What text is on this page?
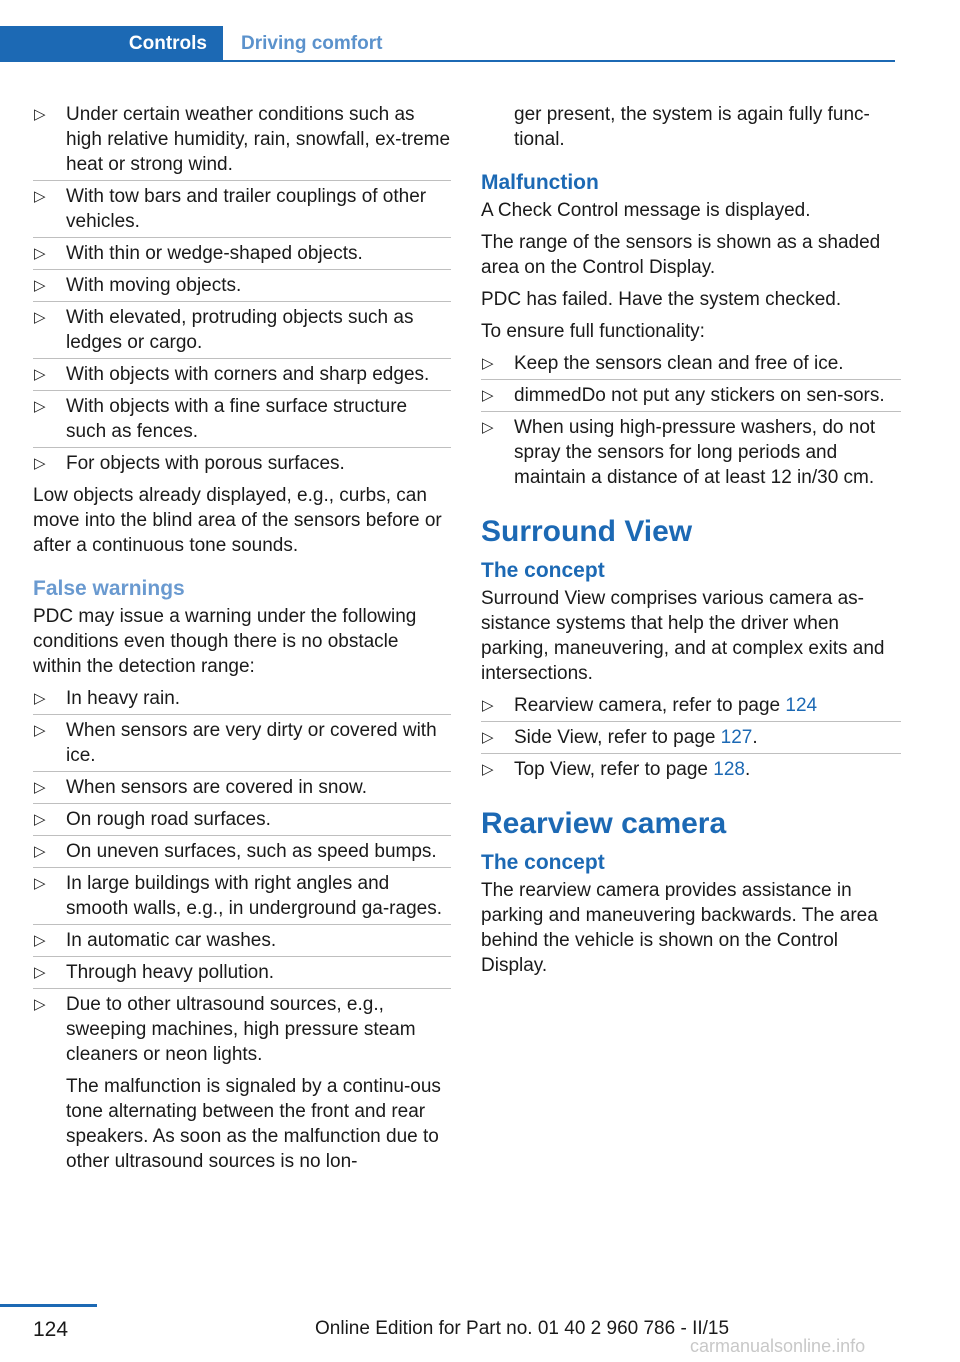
Controls	Driving comfort
▷ Under certain weather conditions such as high relative humidity, rain, snowfall, ex‐treme heat or strong wind.
▷ With tow bars and trailer couplings of other vehicles.
▷ With thin or wedge-shaped objects.
▷ With moving objects.
▷ With elevated, protruding objects such as ledges or cargo.
▷ With objects with corners and sharp edges.
▷ With objects with a fine surface structure such as fences.
▷ For objects with porous surfaces.

Low objects already displayed, e.g., curbs, can move into the blind area of the sensors before or after a continuous tone sounds.

False warnings

PDC may issue a warning under the following conditions even though there is no obstacle within the detection range:

▷ In heavy rain.
▷ When sensors are very dirty or covered with ice.
▷ When sensors are covered in snow.
▷ On rough road surfaces.
▷ On uneven surfaces, such as speed bumps.
▷ In large buildings with right angles and smooth walls, e.g., in underground ga‐rages.
▷ In automatic car washes.
▷ Through heavy pollution.
▷ Due to other ultrasound sources, e.g., sweeping machines, high pressure steam cleaners or neon lights.
The malfunction is signaled by a continu‐ous tone alternating between the front and rear speakers. As soon as the malfunction due to other ultrasound sources is no lon‐

ger present, the system is again fully func‐tional.

Malfunction

A Check Control message is displayed.

The range of the sensors is shown as a shaded area on the Control Display.

PDC has failed. Have the system checked.

To ensure full functionality:

▷ Keep the sensors clean and free of ice.
▷ dimmedDo not put any stickers on sen‐sors.
▷ When using high-pressure washers, do not spray the sensors for long periods and maintain a distance of at least 12 in/30 cm.
Surround View
The concept

Surround View comprises various camera as‐sistance systems that help the driver when parking, maneuvering, and at complex exits and intersections.

▷ Rearview camera, refer to page 124
▷ Side View, refer to page 127.
▷ Top View, refer to page 128.
Rearview camera
The concept

The rearview camera provides assistance in parking and maneuvering backwards. The area behind the vehicle is shown on the Control Display.

124	Online Edition for Part no. 01 40 2 960 786 - II/15
carmanualsonline.info
